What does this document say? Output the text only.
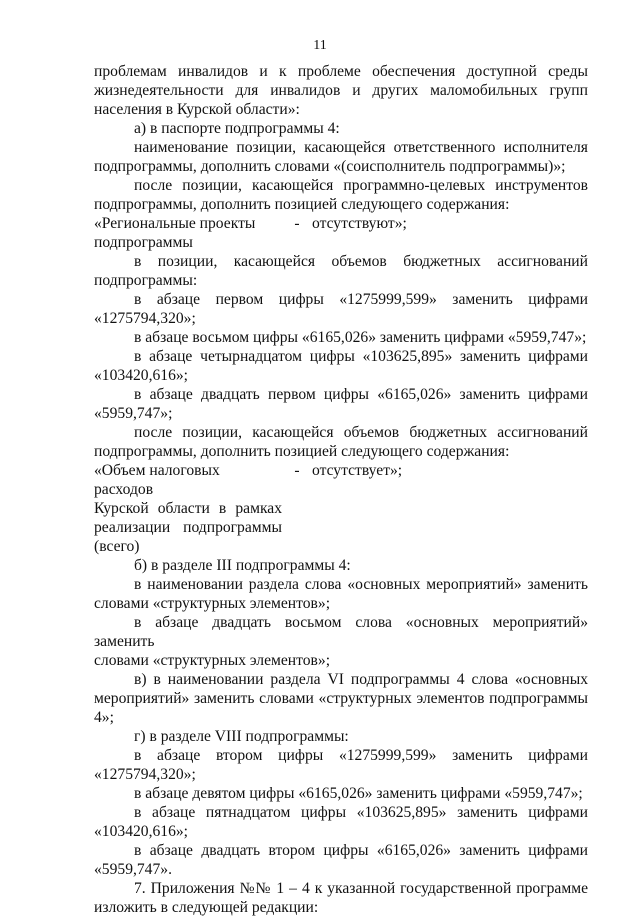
11

проблемам инвалидов и к проблеме обеспечения доступной среды

жизнедеятельности для инвалидов и других маломобильных групп

населения в Курской области»:

а) в паспорте подпрограммы 4:

наименование позиции, касающейся ответственного исполнителя

подпрограммы, дополнить словами «(соисполнитель подпрограммы)»;

после позиции, касающейся программно-целевых инструментов

подпрограммы, дополнить позицией следующего содержания:

«Региональные проекты
подпрограммы
- отсутствуют»;

в позиции, касающейся объемов бюджетных ассигнований

подпрограммы:

в абзаце первом цифры «1275999,599» заменить цифрами

«1275794,320»;

в абзаце восьмом цифры «6165,026» заменить цифрами «5959,747»;

в абзаце четырнадцатом цифры «103625,895» заменить цифрами

«103420,616»;

в абзаце двадцать первом цифры «6165,026» заменить цифрами

«5959,747»;

после позиции, касающейся объемов бюджетных ассигнований

подпрограммы, дополнить позицией следующего содержания:

«Объем налоговых расходов
Курской области в рамках
реализации подпрограммы
(всего)
- отсутствует»;

б) в разделе III подпрограммы 4:

в наименовании раздела слова «основных мероприятий» заменить

словами «структурных элементов»;

в абзаце двадцать восьмом слова «основных мероприятий» заменить

словами «структурных элементов»;

в) в наименовании раздела VI подпрограммы 4 слова «основных

мероприятий» заменить словами «структурных элементов подпрограммы

4»;

г) в разделе VIII подпрограммы:

в абзаце втором цифры «1275999,599» заменить цифрами

«1275794,320»;

в абзаце девятом цифры «6165,026» заменить цифрами «5959,747»;

в абзаце пятнадцатом цифры «103625,895» заменить цифрами

«103420,616»;

в абзаце двадцать втором цифры «6165,026» заменить цифрами

«5959,747».

7. Приложения №№ 1 – 4 к указанной государственной программе

изложить в следующей редакции:
